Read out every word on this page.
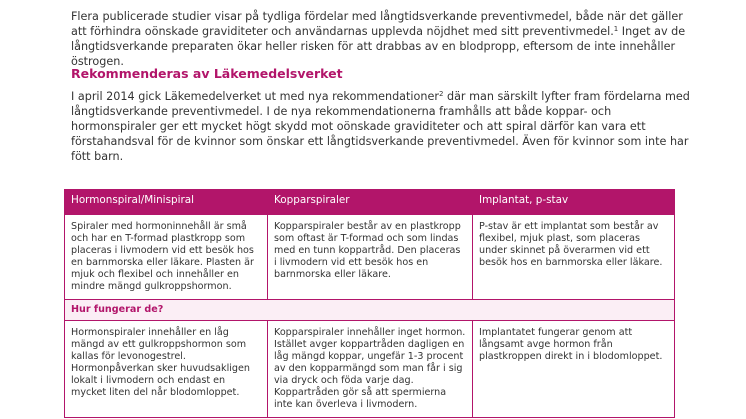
Flera publicerade studier visar på tydliga fördelar med långtidsverkande preventivmedel, både när det gäller att förhindra oönskade graviditeter och användarnas upplevda nöjdhet med sitt preventivmedel.$^1$ Inget av de långtidsverkande preparaten ökar heller risken för att drabbas av en blodpropp, eftersom de inte innehåller östrogen.

Rekommenderas av Läkemedelsverket

I april 2014 gick Läkemedelverket ut med nya rekommendationer$^2$ där man särskilt lyfter fram fördelarna med långtidsverkande preventivmedel. I de nya rekommendationerna framhålls att både koppar- och hormonspiraler ger ett mycket högt skydd mot oönskade graviditeter och att spiral därför kan vara ett förstahandsval för de kvinnor som önskar ett långtidsverkande preventivmedel. Även för kvinnor som inte har fött barn.

Hormonspiral/Minispiral	Kopparspiraler	Implantat, p-stav
Spiraler med hormoninnehåll är små och har en T-formad plastkropp som placeras i livmodern vid ett besök hos en barnmorska eller läkare. Plasten är mjuk och flexibel och innehåller en mindre mängd gulkroppshormon.	Kopparspiraler består av en plastkropp som oftast är T-formad och som lindas med en tunn koppartråd. Den placeras i livmodern vid ett besök hos en barnmorska eller läkare.	P-stav är ett implantat som består av flexibel, mjuk plast, som placeras under skinnet på överarmen vid ett besök hos en barnmorska eller läkare.
Hur fungerar de?		
Hormonspiraler innehåller en låg mängd av ett gulkroppshormon som kallas för levonogestrel. Hormonpåverkan sker huvudsakligen lokalt i livmodern och endast en mycket liten del når blodomloppet.	Kopparspiraler innehåller inget hormon. Istället avger koppartråden dagligen en låg mängd koppar, ungefär 1-3 procent av den kopparmängd som man får i sig via dryck och föda varje dag. Koppartråden gör så att spermierna inte kan överleva i livmodern.	Implantatet fungerar genom att långsamt avge hormon från plastkroppen direkt in i blodomloppet.
